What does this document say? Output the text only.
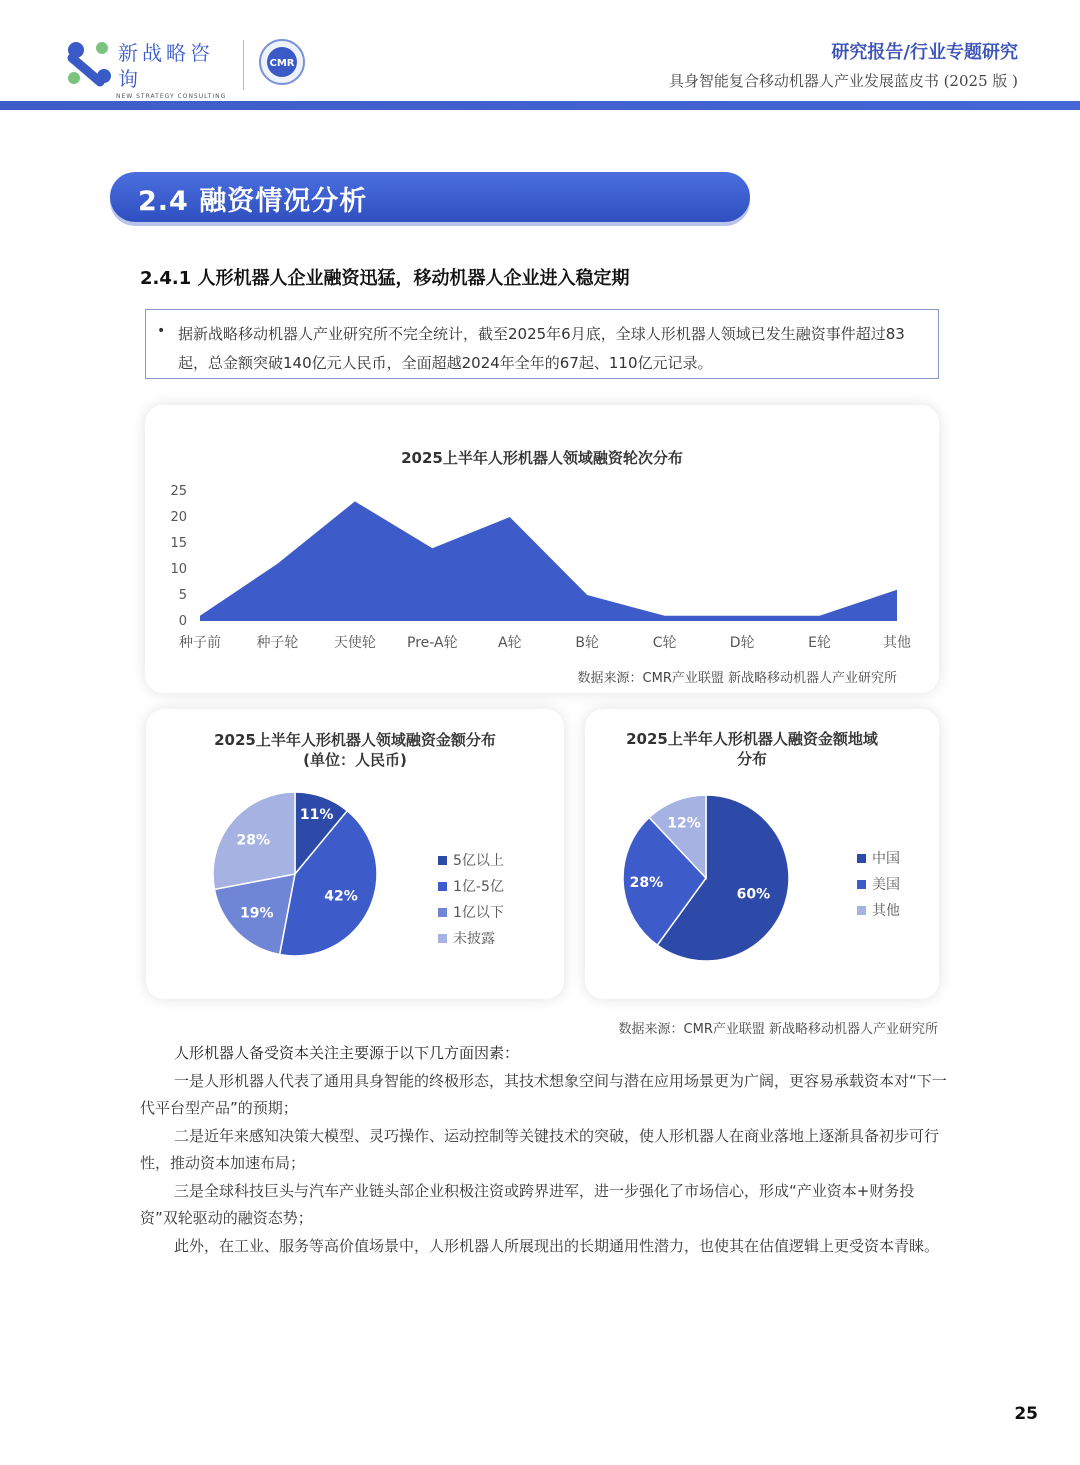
新战略咨询
NEW STRATEGY CONSULTING
CMR
研究报告/行业专题研究
具身智能复合移动机器人产业发展蓝皮书 (2025 版 )
2.4 融资情况分析
2.4.1 人形机器人企业融资迅猛，移动机器人企业进入稳定期
• 据新战略移动机器人产业研究所不完全统计，截至2025年6月底，全球人形机器人领域已发生融资事件超过83起，总金额突破140亿元人民币，全面超越2024年全年的67起、110亿元记录。
2025上半年人形机器人领域融资轮次分布
0
5
10
15
20
25
种子前	种子轮	天使轮 Pre-A轮	A轮	B轮	C轮	D轮	E轮	其他
数据来源：CMR产业联盟 新战略移动机器人产业研究所
2025上半年人形机器人领域融资金额分布
(单位：人民币)
11%
42%
19%
28%
5亿以上
1亿-5亿
1亿以下
未披露
2025上半年人形机器人融资金额地域分布
60%
28%
12%
中国
美国
其他
数据来源：CMR产业联盟 新战略移动机器人产业研究所

人形机器人备受资本关注主要源于以下几方面因素：

一是人形机器人代表了通用具身智能的终极形态，其技术想象空间与潜在应用场景更为广阔，更容易承载资本对“下一代平台型产品”的预期；

二是近年来感知决策大模型、灵巧操作、运动控制等关键技术的突破，使人形机器人在商业落地上逐渐具备初步可行性，推动资本加速布局；

三是全球科技巨头与汽车产业链头部企业积极注资或跨界进军，进一步强化了市场信心，形成“产业资本+财务投资”双轮驱动的融资态势；

此外，在工业、服务等高价值场景中，人形机器人所展现出的长期通用性潜力，也使其在估值逻辑上更受资本青睐。

25
